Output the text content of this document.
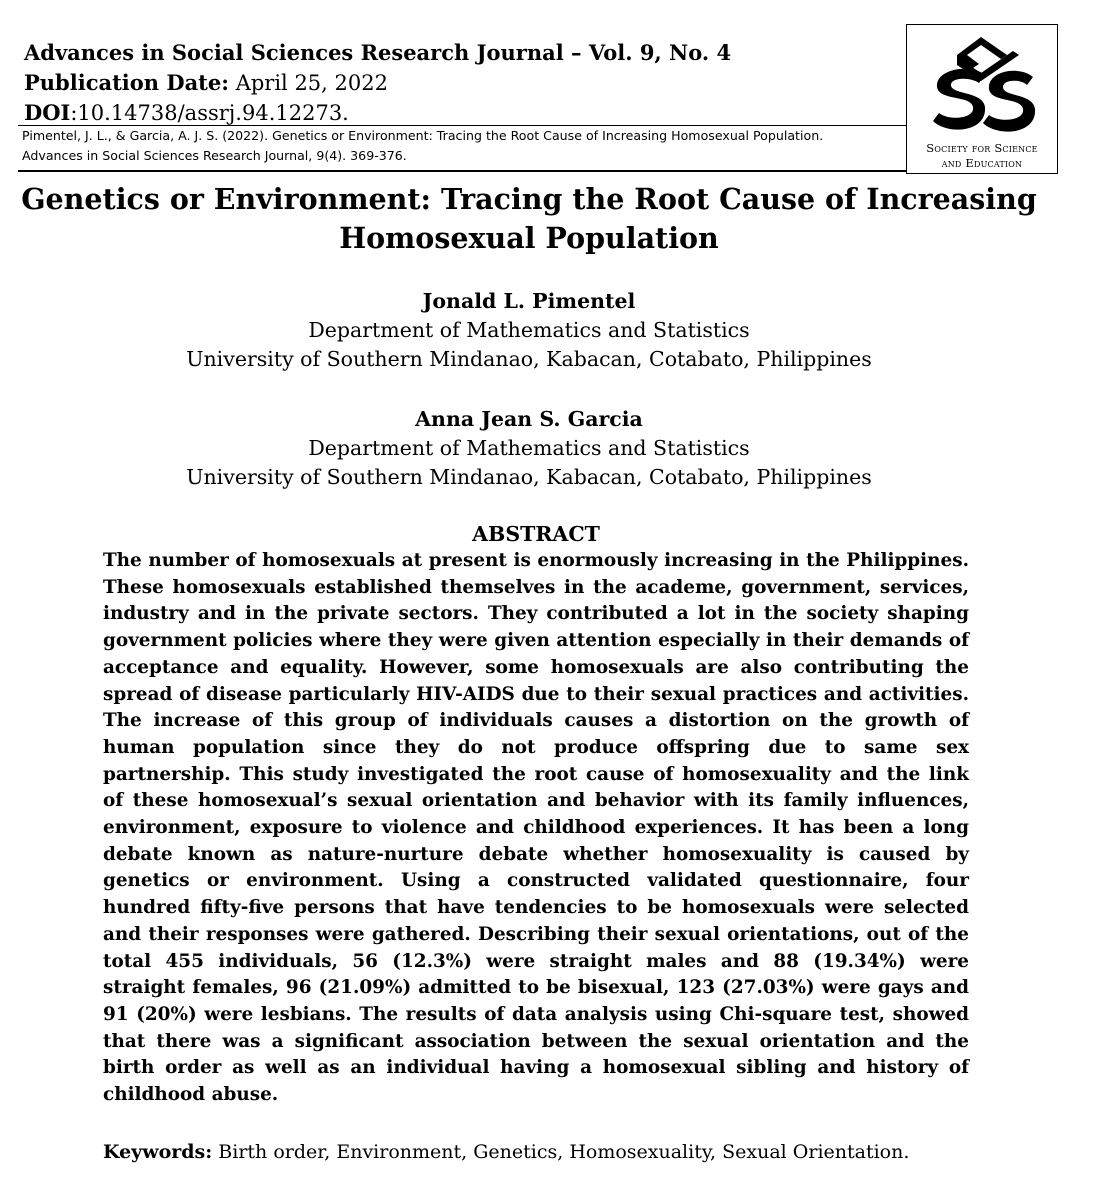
Advances in Social Sciences Research Journal – Vol. 9, No. 4
Publication Date: April 25, 2022
DOI:10.14738/assrj.94.12273.
Pimentel, J. L., & Garcia, A. J. S. (2022). Genetics or Environment: Tracing the Root Cause of Increasing Homosexual Population.
Advances in Social Sciences Research Journal, 9(4). 369-376.	Society for Science
and Education
Genetics or Environment: Tracing the Root Cause of Increasing Homosexual Population
Jonald L. Pimentel
Department of Mathematics and Statistics
University of Southern Mindanao, Kabacan, Cotabato, Philippines
Anna Jean S. Garcia
Department of Mathematics and Statistics
University of Southern Mindanao, Kabacan, Cotabato, Philippines
ABSTRACT
The number of homosexuals at present is enormously increasing in the Philippines. These homosexuals established themselves in the academe, government, services, industry and in the private sectors. They contributed a lot in the society shaping government policies where they were given attention especially in their demands of acceptance and equality. However, some homosexuals are also contributing the spread of disease particularly HIV-AIDS due to their sexual practices and activities. The increase of this group of individuals causes a distortion on the growth of human population since they do not produce offspring due to same sex partnership. This study investigated the root cause of homosexuality and the link of these homosexual’s sexual orientation and behavior with its family influences, environment, exposure to violence and childhood experiences. It has been a long debate known as nature-nurture debate whether homosexuality is caused by genetics or environment. Using a constructed validated questionnaire, four hundred fifty-five persons that have tendencies to be homosexuals were selected and their responses were gathered. Describing their sexual orientations, out of the total 455 individuals, 56 (12.3%) were straight males and 88 (19.34%) were straight females, 96 (21.09%) admitted to be bisexual, 123 (27.03%) were gays and 91 (20%) were lesbians. The results of data analysis using Chi-square test, showed that there was a significant association between the sexual orientation and the birth order as well as an individual having a homosexual sibling and history of childhood abuse.
Keywords: Birth order, Environment, Genetics, Homosexuality, Sexual Orientation.
